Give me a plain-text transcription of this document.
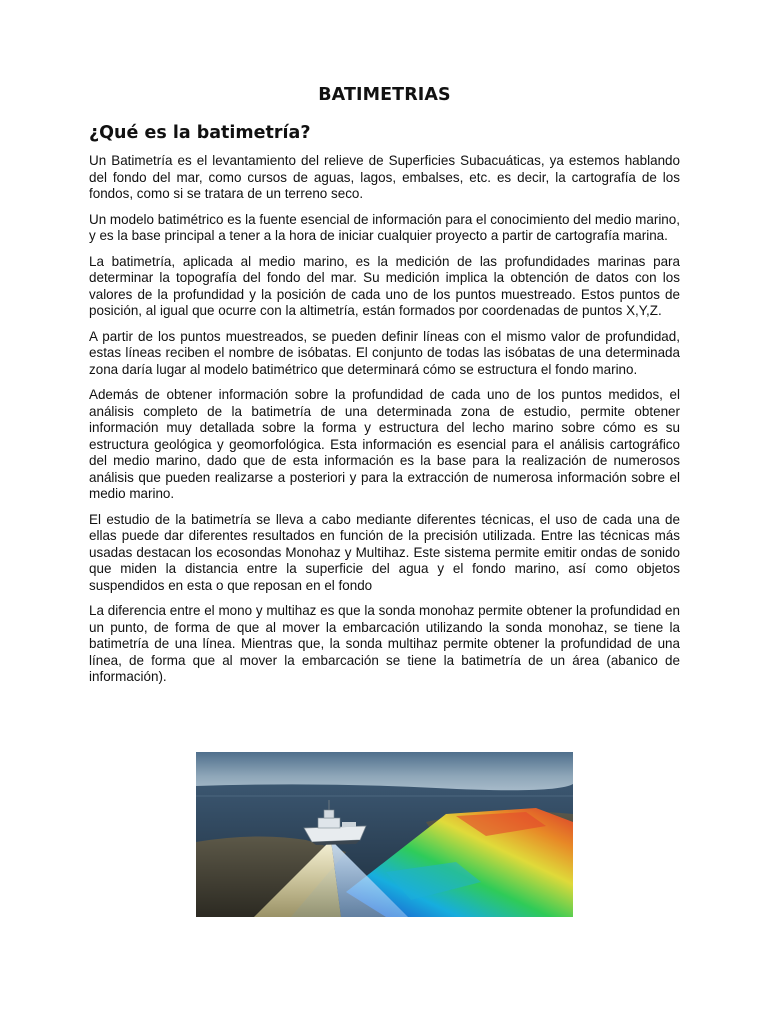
BATIMETRIAS
¿Qué es la batimetría?

Un Batimetría es el levantamiento del relieve de Superficies Subacuáticas, ya estemos hablando del fondo del mar, como cursos de aguas, lagos, embalses, etc. es decir, la cartografía de los fondos, como si se tratara de un terreno seco.

Un modelo batimétrico es la fuente esencial de información para el conocimiento del medio marino, y es la base principal a tener a la hora de iniciar cualquier proyecto a partir de cartografía marina.

La batimetría, aplicada al medio marino, es la medición de las profundidades marinas para determinar la topografía del fondo del mar. Su medición implica la obtención de datos con los valores de la profundidad y la posición de cada uno de los puntos muestreado. Estos puntos de posición, al igual que ocurre con la altimetría, están formados por coordenadas de puntos X,Y,Z.

A partir de los puntos muestreados, se pueden definir líneas con el mismo valor de profundidad, estas líneas reciben el nombre de isóbatas. El conjunto de todas las isóbatas de una determinada zona daría lugar al modelo batimétrico que determinará cómo se estructura el fondo marino.

Además de obtener información sobre la profundidad de cada uno de los puntos medidos, el análisis completo de la batimetría de una determinada zona de estudio, permite obtener información muy detallada sobre la forma y estructura del lecho marino sobre cómo es su estructura geológica y geomorfológica. Esta información es esencial para el análisis cartográfico del medio marino, dado que de esta información es la base para la realización de numerosos análisis que pueden realizarse a posteriori y para la extracción de numerosa información sobre el medio marino.

El estudio de la batimetría se lleva a cabo mediante diferentes técnicas, el uso de cada una de ellas puede dar diferentes resultados en función de la precisión utilizada. Entre las técnicas más usadas destacan los ecosondas Monohaz y Multihaz. Este sistema permite emitir ondas de sonido que miden la distancia entre la superficie del agua y el fondo marino, así como objetos suspendidos en esta o que reposan en el fondo

La diferencia entre el mono y multihaz es que la sonda monohaz permite obtener la profundidad en un punto, de forma de que al mover la embarcación utilizando la sonda monohaz, se tiene la batimetría de una línea. Mientras que, la sonda multihaz permite obtener la profundidad de una línea, de forma que al mover la embarcación se tiene la batimetría de un área (abanico de información).
